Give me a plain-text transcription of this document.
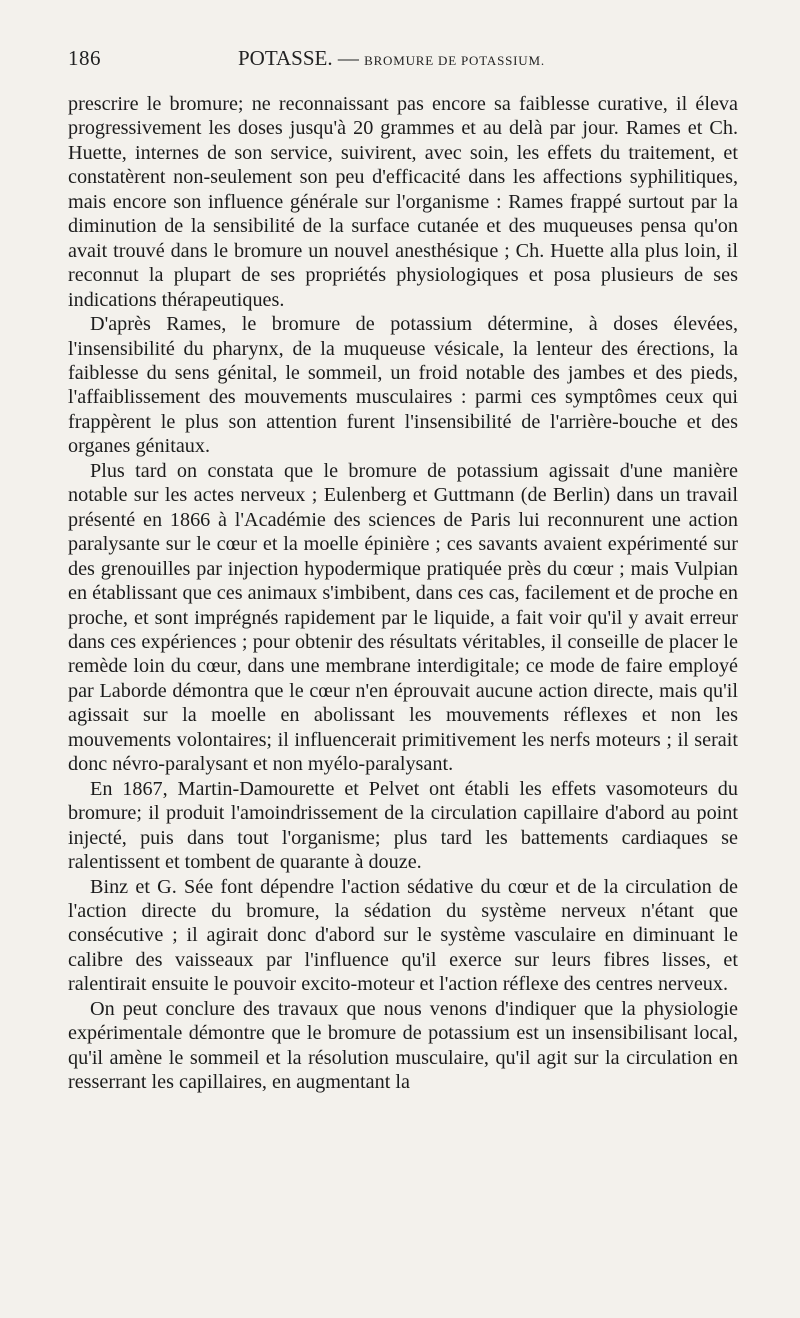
186	POTASSE. — BROMURE DE POTASSIUM.

prescrire le bromure; ne reconnaissant pas encore sa faiblesse curative, il éleva progressivement les doses jusqu'à 20 grammes et au delà par jour. Rames et Ch. Huette, internes de son service, suivirent, avec soin, les effets du traitement, et constatèrent non-seulement son peu d'efficacité dans les affections syphilitiques, mais encore son influence générale sur l'organisme : Rames frappé surtout par la diminution de la sensibilité de la surface cutanée et des muqueuses pensa qu'on avait trouvé dans le bromure un nouvel anesthésique ; Ch. Huette alla plus loin, il reconnut la plupart de ses propriétés physiologiques et posa plusieurs de ses indications thérapeutiques.

D'après Rames, le bromure de potassium détermine, à doses élevées, l'insensibilité du pharynx, de la muqueuse vésicale, la lenteur des érections, la faiblesse du sens génital, le sommeil, un froid notable des jambes et des pieds, l'affaiblissement des mouvements musculaires : parmi ces symptômes ceux qui frappèrent le plus son attention furent l'insensibilité de l'arrière-bouche et des organes génitaux.

Plus tard on constata que le bromure de potassium agissait d'une manière notable sur les actes nerveux ; Eulenberg et Guttmann (de Berlin) dans un travail présenté en 1866 à l'Académie des sciences de Paris lui reconnurent une action paralysante sur le cœur et la moelle épinière ; ces savants avaient expérimenté sur des grenouilles par injection hypodermique pratiquée près du cœur ; mais Vulpian en établissant que ces animaux s'imbibent, dans ces cas, facilement et de proche en proche, et sont imprégnés rapidement par le liquide, a fait voir qu'il y avait erreur dans ces expériences ; pour obtenir des résultats véritables, il conseille de placer le remède loin du cœur, dans une membrane interdigitale; ce mode de faire employé par Laborde démontra que le cœur n'en éprouvait aucune action directe, mais qu'il agissait sur la moelle en abolissant les mouvements réflexes et non les mouvements volontaires; il influencerait primitivement les nerfs moteurs ; il serait donc névro-paralysant et non myélo-paralysant.

En 1867, Martin-Damourette et Pelvet ont établi les effets vasomoteurs du bromure; il produit l'amoindrissement de la circulation capillaire d'abord au point injecté, puis dans tout l'organisme; plus tard les battements cardiaques se ralentissent et tombent de quarante à douze.

Binz et G. Sée font dépendre l'action sédative du cœur et de la circulation de l'action directe du bromure, la sédation du système nerveux n'étant que consécutive ; il agirait donc d'abord sur le système vasculaire en diminuant le calibre des vaisseaux par l'influence qu'il exerce sur leurs fibres lisses, et ralentirait ensuite le pouvoir excito-moteur et l'action réflexe des centres nerveux.

On peut conclure des travaux que nous venons d'indiquer que la physiologie expérimentale démontre que le bromure de potassium est un insensibilisant local, qu'il amène le sommeil et la résolution musculaire, qu'il agit sur la circulation en resserrant les capillaires, en augmentant la
